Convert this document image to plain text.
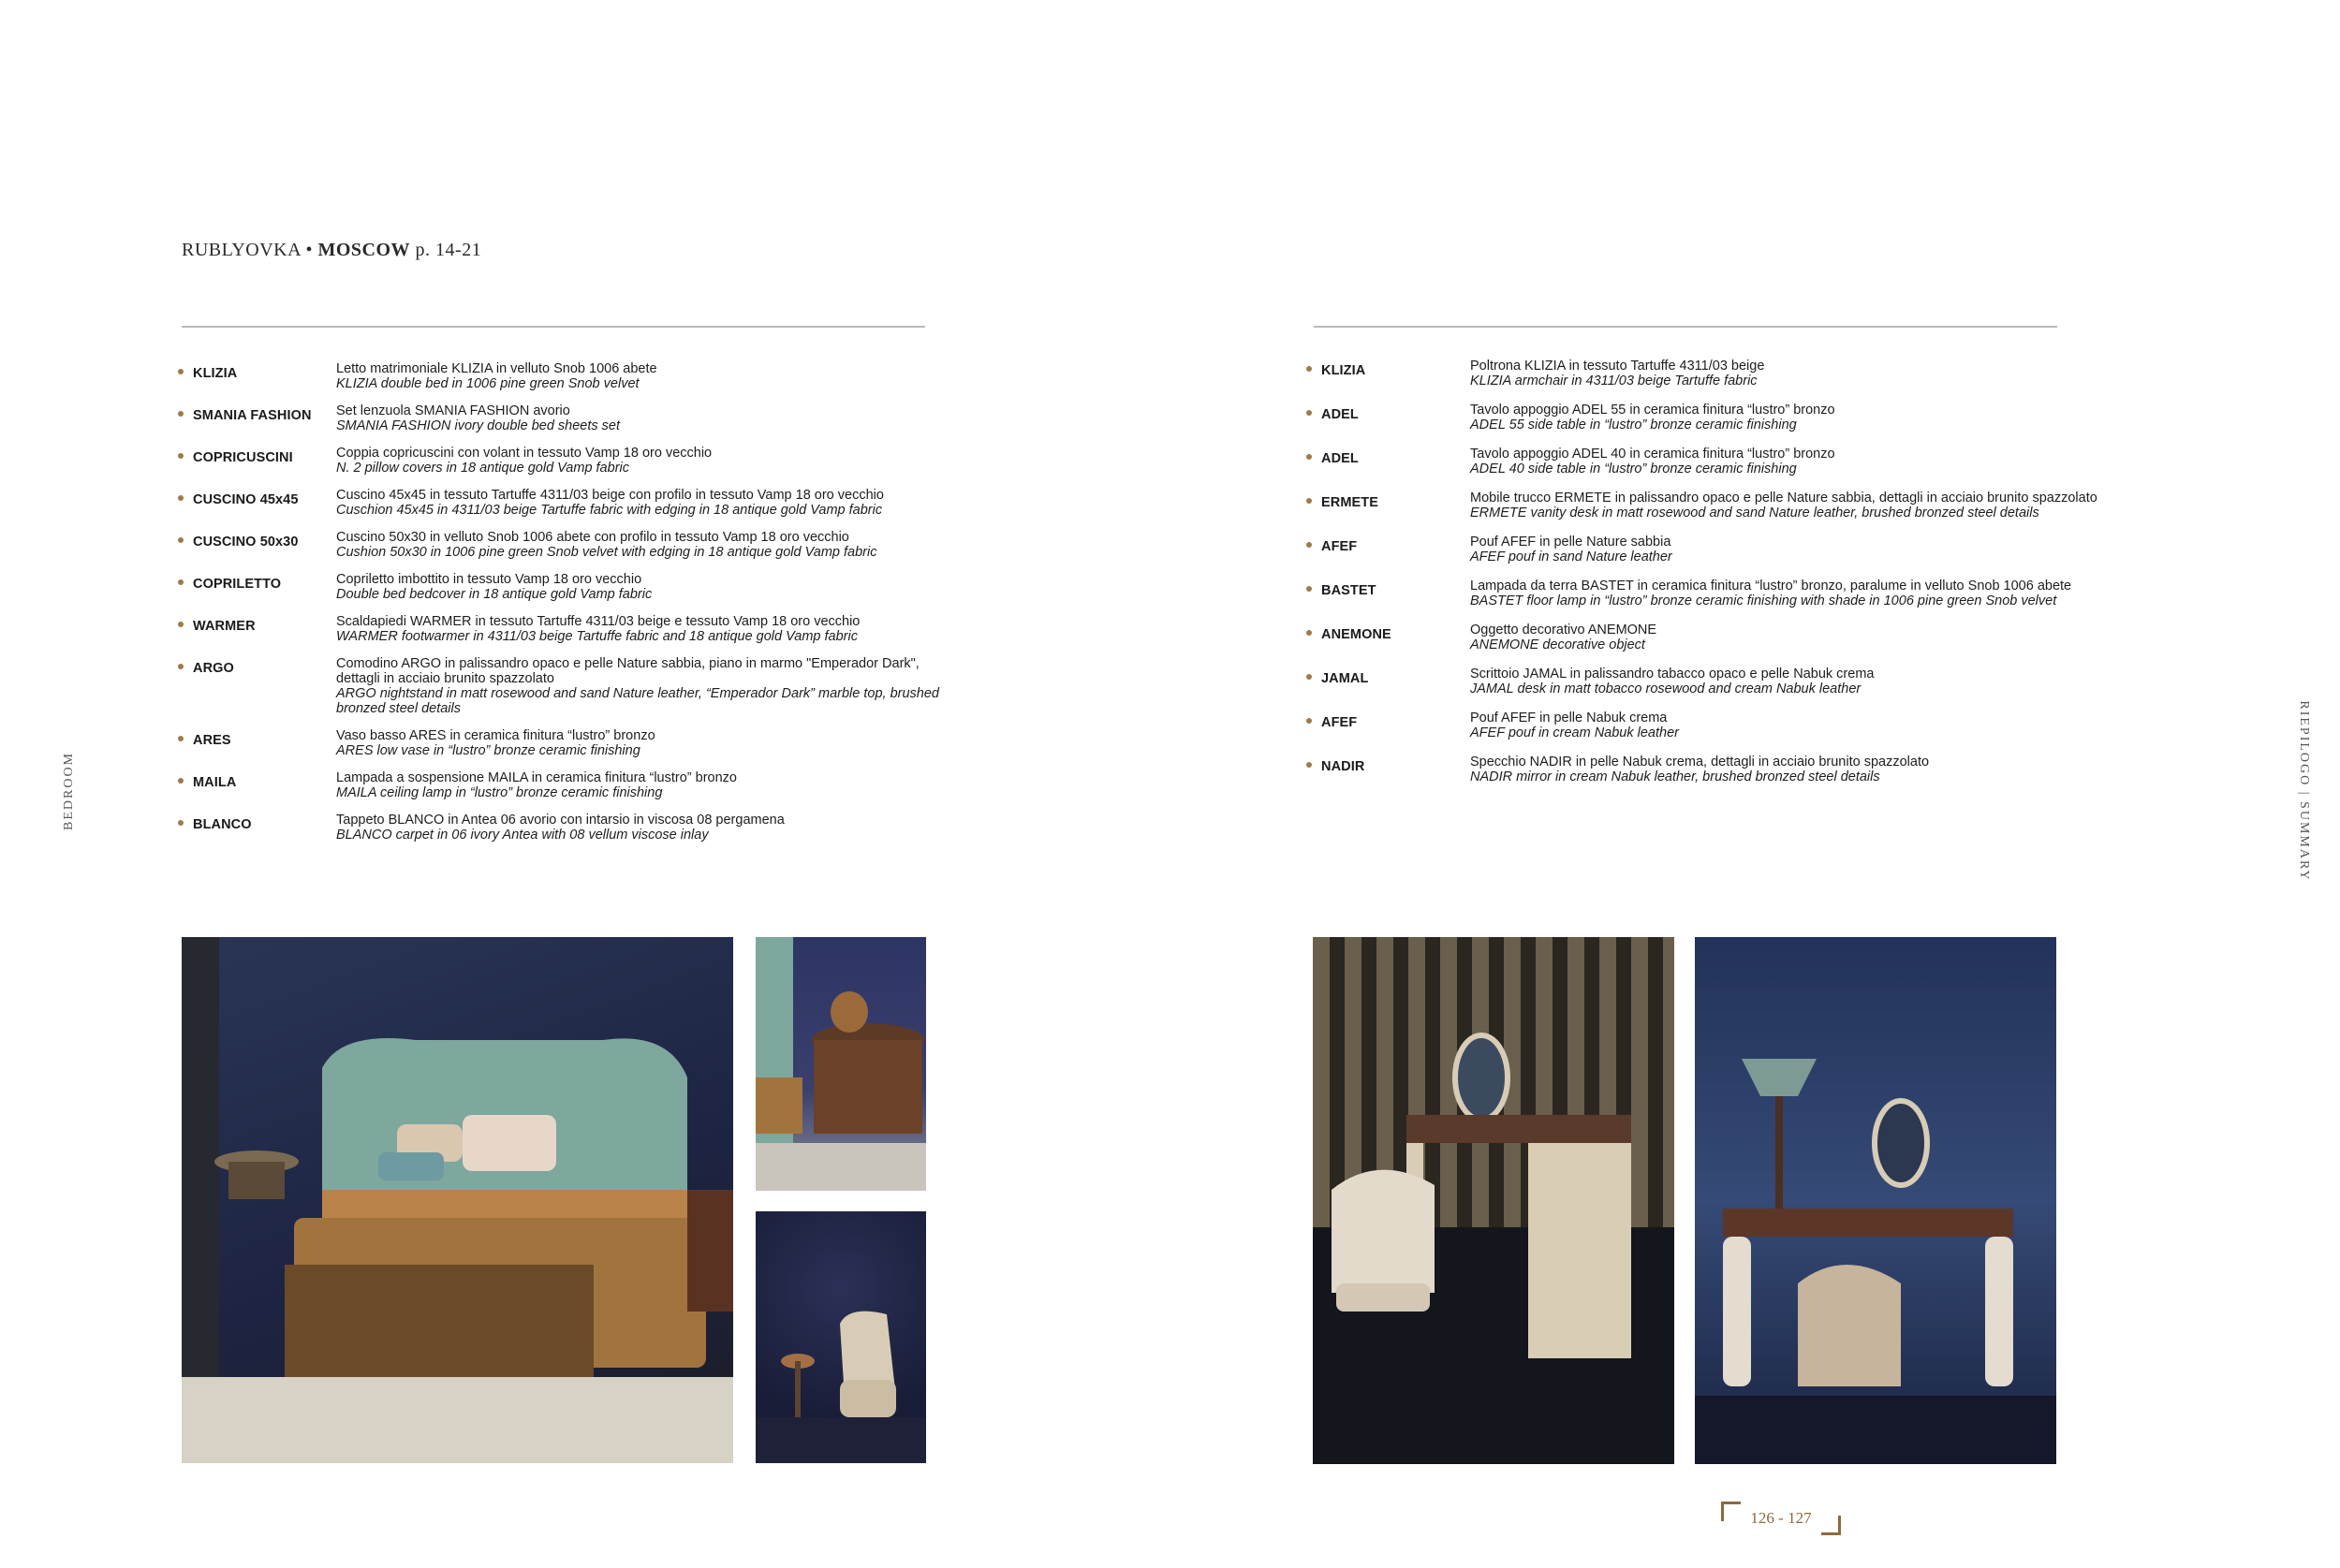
RUBLYOVKA • MOSCOW p. 14-21
KLIZIA	Letto matrimoniale KLIZIA in velluto Snob 1006 abete
KLIZIA double bed in 1006 pine green Snob velvet
SMANIA FASHION	Set lenzuola SMANIA FASHION avorio
SMANIA FASHION ivory double bed sheets set
COPRICUSCINI	Coppia copricuscini con volant in tessuto Vamp 18 oro vecchio
N. 2 pillow covers in 18 antique gold Vamp fabric
CUSCINO 45x45	Cuscino 45x45 in tessuto Tartuffe 4311/03 beige con profilo in tessuto Vamp 18 oro vecchio
Cuschion 45x45 in 4311/03 beige Tartuffe fabric with edging in 18 antique gold Vamp fabric
CUSCINO 50x30	Cuscino 50x30 in velluto Snob 1006 abete con profilo in tessuto Vamp 18 oro vecchio
Cushion 50x30 in 1006 pine green Snob velvet with edging in 18 antique gold Vamp fabric
COPRILETTO	Copriletto imbottito in tessuto Vamp 18 oro vecchio
Double bed bedcover in 18 antique gold Vamp fabric
WARMER	Scaldapiedi WARMER in tessuto Tartuffe 4311/03 beige e tessuto Vamp 18 oro vecchio
WARMER footwarmer in 4311/03 beige Tartuffe fabric and 18 antique gold Vamp fabric
ARGO	Comodino ARGO in palissandro opaco e pelle Nature sabbia, piano in marmo "Emperador Dark", dettagli in acciaio brunito spazzolato
ARGO nightstand in matt rosewood and sand Nature leather, “Emperador Dark” marble top, brushed bronzed steel details
ARES	Vaso basso ARES in ceramica finitura “lustro” bronzo
ARES low vase in “lustro” bronze ceramic finishing
MAILA	Lampada a sospensione MAILA in ceramica finitura “lustro” bronzo
MAILA ceiling lamp in “lustro” bronze ceramic finishing
BLANCO	Tappeto BLANCO in Antea 06 avorio con intarsio in viscosa 08 pergamena
BLANCO carpet in 06 ivory Antea with 08 vellum viscose inlay
KLIZIA	Poltrona KLIZIA in tessuto Tartuffe 4311/03 beige
KLIZIA armchair in 4311/03 beige Tartuffe fabric
ADEL	Tavolo appoggio ADEL 55 in ceramica finitura “lustro” bronzo
ADEL 55 side table in “lustro” bronze ceramic finishing
ADEL	Tavolo appoggio ADEL 40 in ceramica finitura “lustro” bronzo
ADEL 40 side table in “lustro” bronze ceramic finishing
ERMETE	Mobile trucco ERMETE in palissandro opaco e pelle Nature sabbia, dettagli in acciaio brunito spazzolato
ERMETE vanity desk in matt rosewood and sand Nature leather, brushed bronzed steel details
AFEF	Pouf AFEF in pelle Nature sabbia
AFEF pouf in sand Nature leather
BASTET	Lampada da terra BASTET in ceramica finitura “lustro” bronzo, paralume in velluto Snob 1006 abete
BASTET floor lamp in “lustro” bronze ceramic finishing with shade in 1006 pine green Snob velvet
ANEMONE	Oggetto decorativo ANEMONE
ANEMONE decorative object
JAMAL	Scrittoio JAMAL in palissandro tabacco opaco e pelle Nabuk crema
JAMAL desk in matt tobacco rosewood and cream Nabuk leather
AFEF	Pouf AFEF in pelle Nabuk crema
AFEF pouf in cream Nabuk leather
NADIR	Specchio NADIR in pelle Nabuk crema, dettagli in acciaio brunito spazzolato
NADIR mirror in cream Nabuk leather, brushed bronzed steel details
BEDROOM	RIEPILOGO | SUMMARY
126 - 127
